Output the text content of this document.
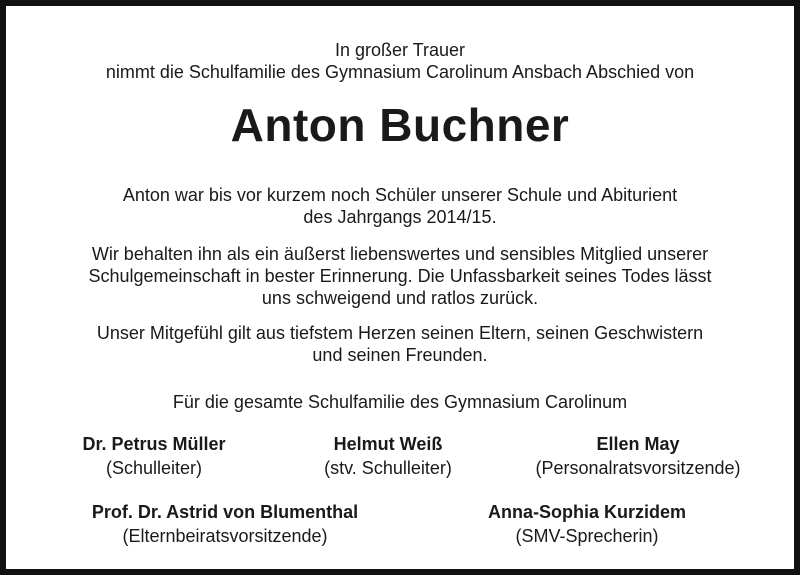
In großer Trauer
nimmt die Schulfamilie des Gymnasium Carolinum Ansbach Abschied von
Anton Buchner
Anton war bis vor kurzem noch Schüler unserer Schule und Abiturient
des Jahrgangs 2014/15.
Wir behalten ihn als ein äußerst liebenswertes und sensibles Mitglied unserer
Schulgemeinschaft in bester Erinnerung. Die Unfassbarkeit seines Todes lässt
uns schweigend und ratlos zurück.
Unser Mitgefühl gilt aus tiefstem Herzen seinen Eltern, seinen Geschwistern
und seinen Freunden.
Für die gesamte Schulfamilie des Gymnasium Carolinum
Dr. Petrus Müller
(Schulleiter)
Helmut Weiß
(stv. Schulleiter)
Ellen May
(Personalratsvorsitzende)
Prof. Dr. Astrid von Blumenthal
(Elternbeiratsvorsitzende)
Anna-Sophia Kurzidem
(SMV-Sprecherin)
